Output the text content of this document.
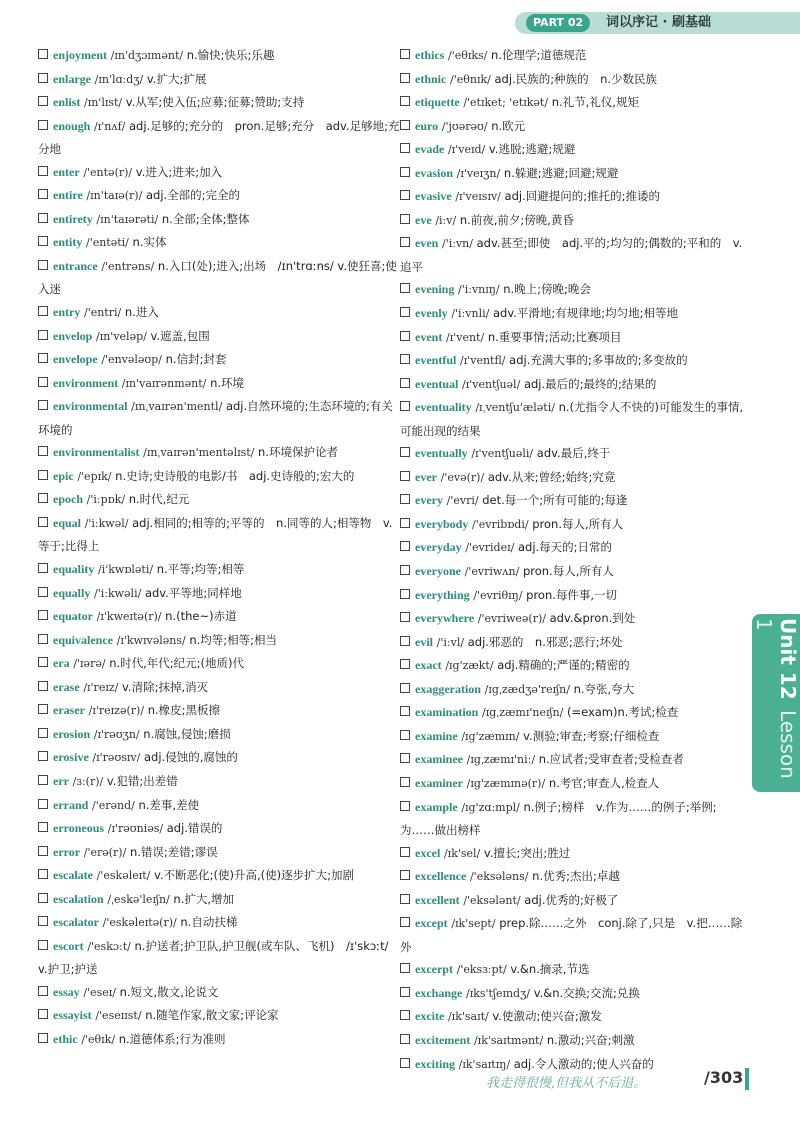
PART 02	词以序记 · 刷基础
enjoyment /ɪn'dʒɔɪmənt/ n.愉快;快乐;乐趣
enlarge /ɪn'lɑːdʒ/ v.扩大;扩展
enlist /ɪn'lɪst/ v.从军;使入伍;应募;征募;赞助;支持
enough /ɪ'nʌf/ adj.足够的;充分的　pron.足够;充分　adv.足够地;充分地
enter /'entə(r)/ v.进入;进来;加入
entire /ɪn'taɪə(r)/ adj.全部的;完全的
entirety /ɪn'taɪərəti/ n.全部;全体;整体
entity /'entəti/ n.实体
entrance /'entrəns/ n.入口(处);进入;出场　/ɪn'trɑːns/ v.使狂喜;使入迷
entry /'entri/ n.进入
envelop /ɪn'veləp/ v.遮盖,包围
envelope /'envələʊp/ n.信封;封套
environment /ɪn'vaɪrənmənt/ n.环境
environmental /ɪnˌvaɪrən'mentl/ adj.自然环境的;生态环境的;有关环境的
environmentalist /ɪnˌvaɪrən'mentəlɪst/ n.环境保护论者
epic /'epɪk/ n.史诗;史诗般的电影/书　adj.史诗般的;宏大的
epoch /'iːpɒk/ n.时代,纪元
equal /'iːkwəl/ adj.相同的;相等的;平等的　n.同等的人;相等物　v.等于;比得上
equality /i'kwɒləti/ n.平等;均等;相等
equally /'iːkwəli/ adv.平等地;同样地
equator /ɪ'kweɪtə(r)/ n.(the~)赤道
equivalence /ɪ'kwɪvələns/ n.均等;相等;相当
era /'ɪərə/ n.时代,年代;纪元;(地质)代
erase /ɪ'reɪz/ v.清除;抹掉,消灭
eraser /ɪ'reɪzə(r)/ n.橡皮;黑板擦
erosion /ɪ'rəʊʒn/ n.腐蚀,侵蚀;磨损
erosive /ɪ'rəʊsɪv/ adj.侵蚀的,腐蚀的
err /ɜː(r)/ v.犯错;出差错
errand /'erənd/ n.差事,差使
erroneous /ɪ'rəʊniəs/ adj.错误的
error /'erə(r)/ n.错误;差错;谬误
escalate /'eskəleɪt/ v.不断恶化;(使)升高,(使)逐步扩大;加剧
escalation /ˌeskə'leɪʃn/ n.扩大,增加
escalator /'eskəleɪtə(r)/ n.自动扶梯
escort /'eskɔːt/ n.护送者;护卫队,护卫舰(或车队、飞机)　/ɪ'skɔːt/ v.护卫;护送
essay /'eseɪ/ n.短文,散文,论说文
essayist /'eseɪɪst/ n.随笔作家,散文家;评论家
ethic /'eθɪk/ n.道德体系;行为准则
ethics /'eθɪks/ n.伦理学;道德规范
ethnic /'eθnɪk/ adj.民族的;种族的　n.少数民族
etiquette /'etɪket; 'etɪkət/ n.礼节,礼仪,规矩
euro /'jʊərəʊ/ n.欧元
evade /ɪ'veɪd/ v.逃脱;逃避;规避
evasion /ɪ'veɪʒn/ n.躲避;逃避;回避;规避
evasive /ɪ'veɪsɪv/ adj.回避提问的;推托的;推诿的
eve /iːv/ n.前夜,前夕;傍晚,黄昏
even /'iːvn/ adv.甚至;即使　adj.平的;均匀的;偶数的;平和的　v.追平
evening /'iːvnɪŋ/ n.晚上;傍晚;晚会
evenly /'iːvnli/ adv.平滑地;有规律地;均匀地;相等地
event /ɪ'vent/ n.重要事情;活动;比赛项目
eventful /ɪ'ventfl/ adj.充满大事的;多事故的;多变故的
eventual /ɪ'ventʃuəl/ adj.最后的;最终的;结果的
eventuality /ɪˌventʃu'æləti/ n.(尤指令人不快的)可能发生的事情,可能出现的结果
eventually /ɪ'ventʃuəli/ adv.最后,终于
ever /'evə(r)/ adv.从来;曾经;始终;究竟
every /'evri/ det.每一个;所有可能的;每逢
everybody /'evribɒdi/ pron.每人,所有人
everyday /'evrideɪ/ adj.每天的;日常的
everyone /'evriwʌn/ pron.每人,所有人
everything /'evriθɪŋ/ pron.每件事,一切
everywhere /'evriweə(r)/ adv.&pron.到处
evil /'iːvl/ adj.邪恶的　n.邪恶;恶行;坏处
exact /ɪg'zækt/ adj.精确的;严谨的;精密的
exaggeration /ɪgˌzædʒə'reɪʃn/ n.夸张,夸大
examination /ɪgˌzæmɪ'neɪʃn/ (=exam)n.考试;检查
examine /ɪg'zæmɪn/ v.测验;审查;考察;仔细检查
examinee /ɪgˌzæmɪ'niː/ n.应试者;受审查者;受检查者
examiner /ɪg'zæmɪnə(r)/ n.考官;审查人,检查人
example /ɪg'zɑːmpl/ n.例子;榜样　v.作为……的例子;举例;为……做出榜样
excel /ɪk'sel/ v.擅长;突出;胜过
excellence /'eksələns/ n.优秀;杰出;卓越
excellent /'eksələnt/ adj.优秀的;好极了
except /ɪk'sept/ prep.除……之外　conj.除了,只是　v.把……除外
excerpt /'eksɜːpt/ v.&n.摘录,节选
exchange /ɪks'tʃeɪndʒ/ v.&n.交换;交流;兑换
excite /ɪk'saɪt/ v.使激动;使兴奋;激发
excitement /ɪk'saɪtmənt/ n.激动;兴奋;刺激
exciting /ɪk'saɪtɪŋ/ adj.令人激动的;使人兴奋的
Unit 12Lesson 1
我走得很慢,但我从不后退。	/303
